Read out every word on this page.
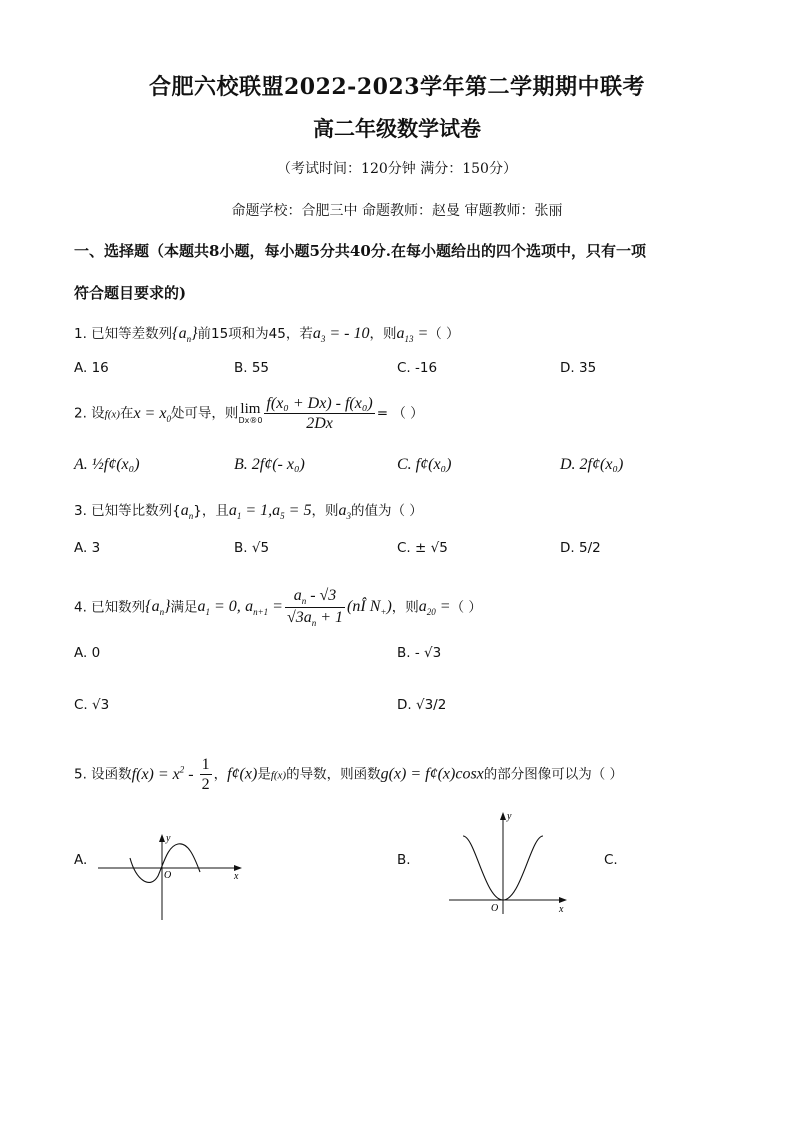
合肥六校联盟2022-2023学年第二学期期中联考
高二年级数学试卷
（考试时间：120分钟 满分：150分）
命题学校：合肥三中 命题教师：赵曼 审题教师：张丽
一、选择题（本题共8小题，每小题5分共40分.在每小题给出的四个选项中，只有一项
符合题目要求的)
1. 已知等差数列$\{a_n\}$前15项和为45，若$a_3$ = - 10，则$a_{13}$ =（ ）
A. 16	B. 55	C. -16	D. 35
2. 设f(x)在$x = x_0$处可导，则 lim
Dx®0 $\frac{\text{f(x₀ + Dx) - f(x₀)}}{2Dx}$ = （ ）
A. ½f¢(x₀)	B. 2f¢(- x₀)	C. f¢(x₀)	D. 2f¢(x₀)
3. 已知等比数列$\{a_n\}$，且$a_1 = 1,a_5 = 5$，则$a_3$的值为（ ）
A. 3	B. √5	C. ± √5	D. 5/2
4. 已知数列$\{a_n\}$满足$a_1 = 0$, $a_{n+1} = \frac{a_n - √3}{√3a_n + 1}$ (nÎ $N_+$)，则$a_{20}$ =（ ）
A. 0	B. - √3
C. √3	D. √3/2
5. 设函数$f(x) = x^2 - \frac{1}{2}$ ，f¢(x)是f(x)的导数，则函数g(x) = f¢(x)cosx的部分图像可以为（ ）
A.	B.	C.
y
x
O
y
x
O
